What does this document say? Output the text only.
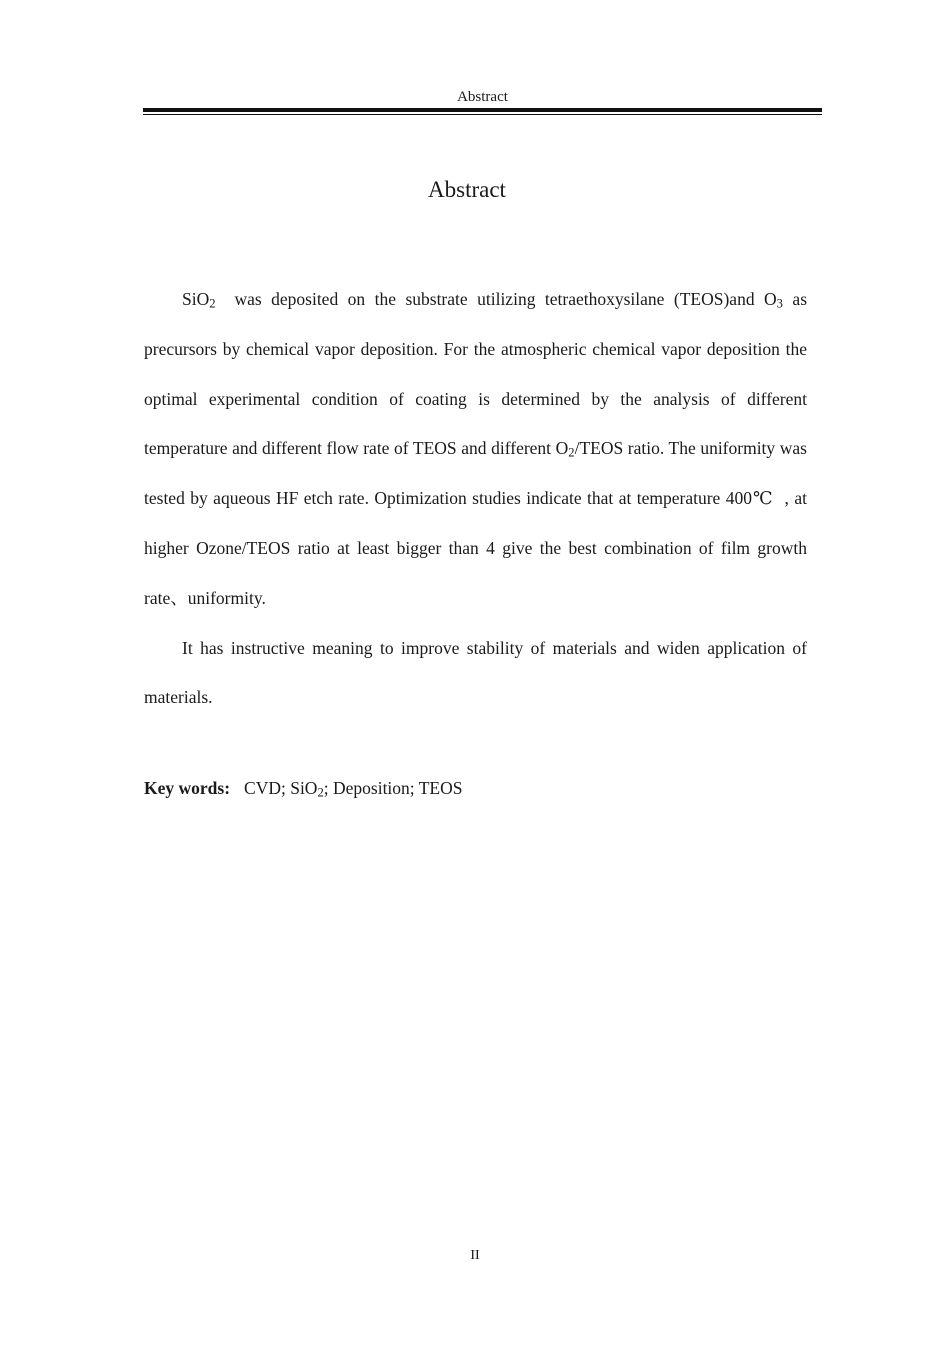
Abstract
Abstract

SiO$_2$  was deposited on the substrate utilizing tetraethoxysilane (TEOS)and $O_3$ as precursors by chemical vapor deposition. For the atmospheric chemical vapor deposition the optimal experimental condition of coating is determined by the analysis of different temperature and different flow rate of TEOS and different $O_2$/TEOS ratio. The uniformity was tested by aqueous HF etch rate. Optimization studies indicate that at temperature 400℃  , at higher Ozone/TEOS ratio at least bigger than 4 give the best combination of film growth rate、uniformity.

It has instructive meaning to improve stability of materials and widen application of materials.

Key words: CVD; SiO$_2$; Deposition; TEOS
II
